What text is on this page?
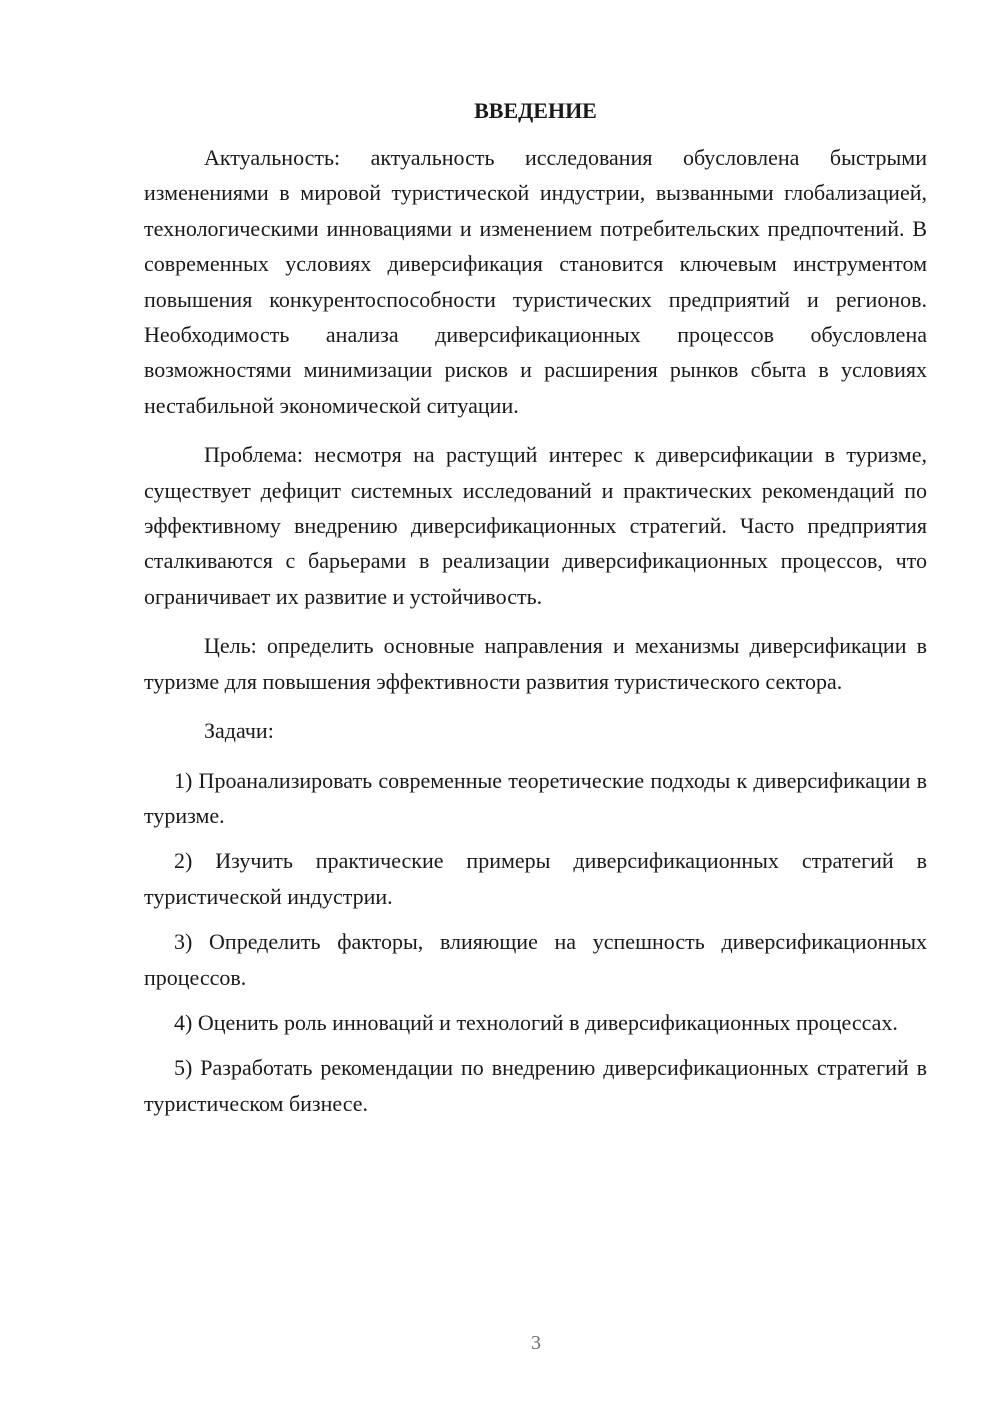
ВВЕДЕНИЕ

Актуальность: актуальность исследования обусловлена быстрыми изменениями в мировой туристической индустрии, вызванными глобализацией, технологическими инновациями и изменением потребительских предпочтений. В современных условиях диверсификация становится ключевым инструментом повышения конкурентоспособности туристических предприятий и регионов. Необходимость анализа диверсификационных процессов обусловлена возможностями минимизации рисков и расширения рынков сбыта в условиях нестабильной экономической ситуации.

Проблема: несмотря на растущий интерес к диверсификации в туризме, существует дефицит системных исследований и практических рекомендаций по эффективному внедрению диверсификационных стратегий. Часто предприятия сталкиваются с барьерами в реализации диверсификационных процессов, что ограничивает их развитие и устойчивость.

Цель: определить основные направления и механизмы диверсификации в туризме для повышения эффективности развития туристического сектора.

Задачи:

1) Проанализировать современные теоретические подходы к диверсификации в туризме.

2) Изучить практические примеры диверсификационных стратегий в туристической индустрии.

3) Определить факторы, влияющие на успешность диверсификационных процессов.

4) Оценить роль инноваций и технологий в диверсификационных процессах.

5) Разработать рекомендации по внедрению диверсификационных стратегий в туристическом бизнесе.

3
